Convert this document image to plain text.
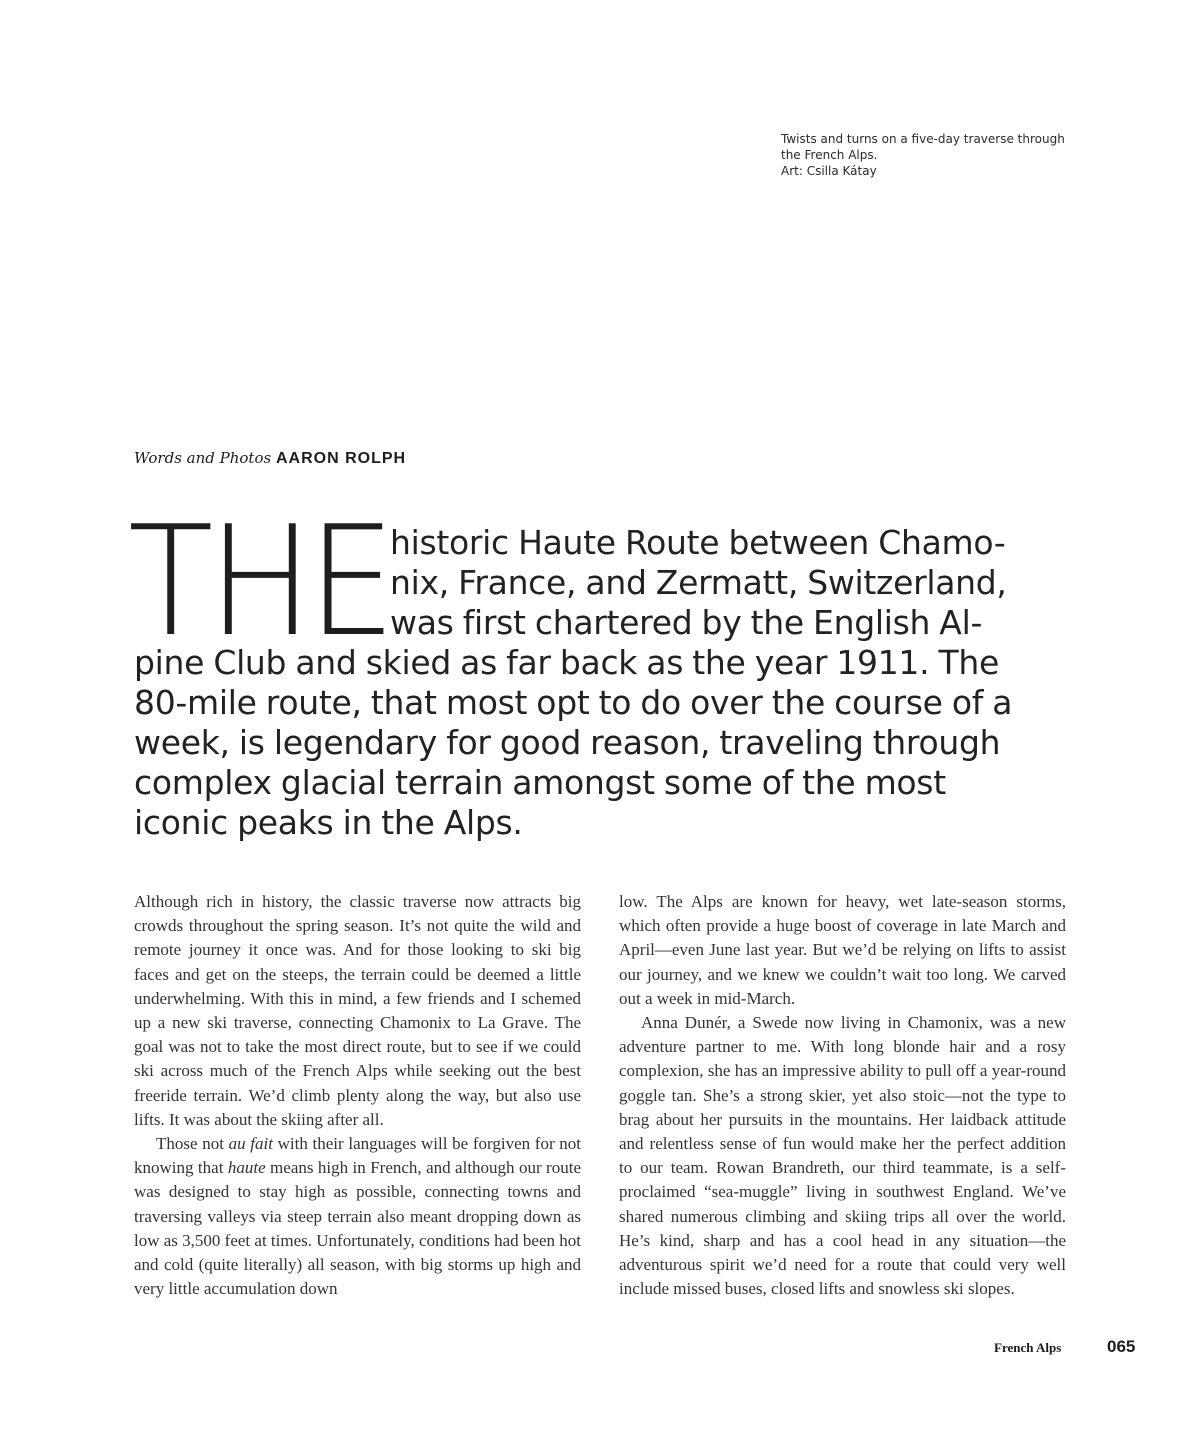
Twists and turns on a five-day traverse through
the French Alps.
Art: Csilla Kátay
Words and Photos AARON ROLPH
THE historic Haute Route between Chamo-
nix, France, and Zermatt, Switzerland,
was first chartered by the English Al-
pine Club and skied as far back as the year 1911. The
80-mile route, that most opt to do over the course of a
week, is legendary for good reason, traveling through
complex glacial terrain amongst some of the most
iconic peaks in the Alps.

Although rich in history, the classic traverse now attracts big crowds throughout the spring season. It’s not quite the wild and remote journey it once was. And for those looking to ski big faces and get on the steeps, the terrain could be deemed a little underwhelming. With this in mind, a few friends and I schemed up a new ski traverse, connecting Chamonix to La Grave. The goal was not to take the most direct route, but to see if we could ski across much of the French Alps while seeking out the best freeride terrain. We’d climb plenty along the way, but also use lifts. It was about the skiing after all.

Those not au fait with their languages will be forgiven for not knowing that haute means high in French, and although our route was designed to stay high as possible, connecting towns and traversing valleys via steep terrain also meant dropping down as low as 3,500 feet at times. Unfortunately, conditions had been hot and cold (quite literally) all season, with big storms up high and very little accumulation down

low. The Alps are known for heavy, wet late-season storms, which often provide a huge boost of coverage in late March and April—even June last year. But we’d be relying on lifts to assist our journey, and we knew we couldn’t wait too long. We carved out a week in mid-March.

Anna Dunér, a Swede now living in Chamonix, was a new adventure partner to me. With long blonde hair and a rosy complexion, she has an impressive ability to pull off a year-round goggle tan. She’s a strong skier, yet also stoic—not the type to brag about her pursuits in the mountains. Her laidback attitude and relentless sense of fun would make her the perfect addition to our team. Rowan Brandreth, our third teammate, is a self-proclaimed “sea-muggle” living in southwest England. We’ve shared numerous climbing and skiing trips all over the world. He’s kind, sharp and has a cool head in any situation—the adventurous spirit we’d need for a route that could very well include missed buses, closed lifts and snowless ski slopes.

French Alps	065
